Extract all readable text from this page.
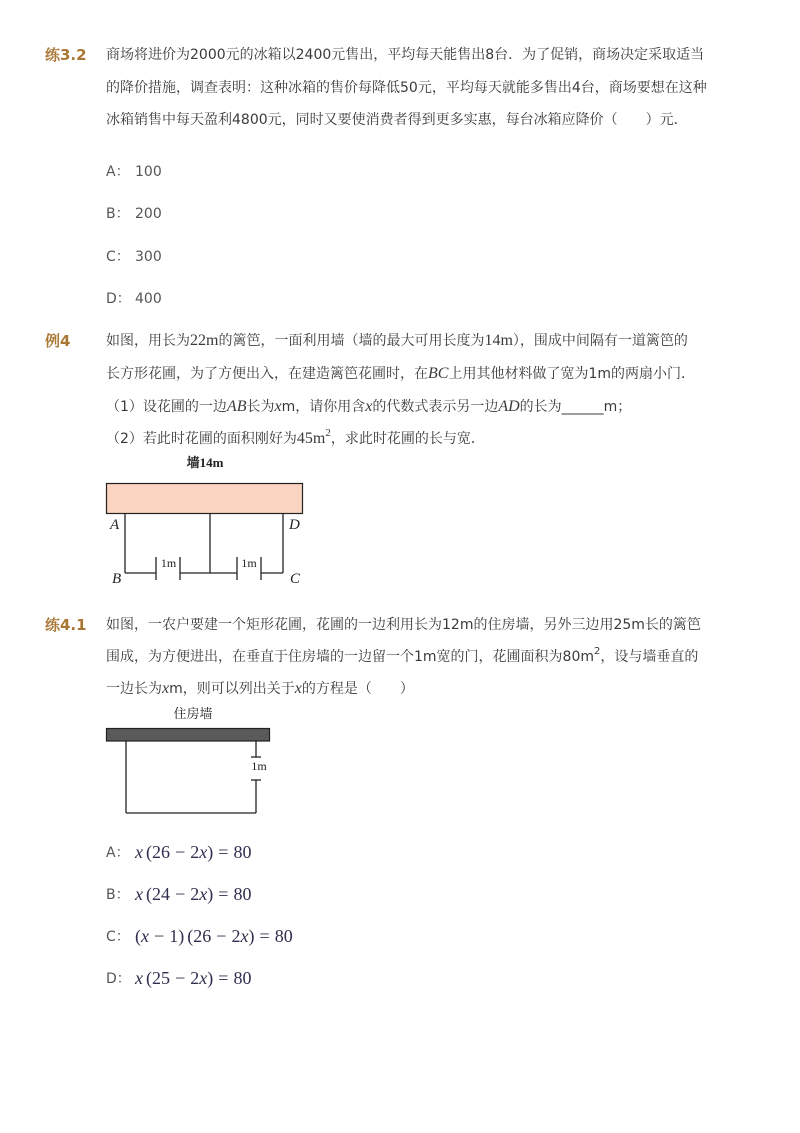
练3.2 商场将进价为2000元的冰箱以2400元售出，平均每天能售出8台．为了促销，商场决定采取适当
的降价措施，调查表明：这种冰箱的售价每降低50元，平均每天就能多售出4台，商场要想在这种
冰箱销售中每天盈利4800元，同时又要使消费者得到更多实惠，每台冰箱应降价（　　）元．
A： 100
B： 200
C： 300
D： 400
例4	如图，用长为22m的篱笆，一面利用墙（墙的最大可用长度为14m），围成中间隔有一道篱笆的
长方形花圃，为了方便出入，在建造篱笆花圃时，在BC上用其他材料做了宽为1m的两扇小门．
（1）设花圃的一边AB长为xm，请你用含x的代数式表示另一边AD的长为______m；
（2）若此时花圃的面积刚好为$45m^2$，求此时花圃的长与宽．
墙14m
1m	1m
A	D
B	C
练4.1 如图，一农户要建一个矩形花圃，花圃的一边利用长为12m的住房墙，另外三边用25m长的篱笆
围成，为方便进出，在垂直于住房墙的一边留一个1m宽的门，花圃面积为$80m^2$，设与墙垂直的
一边长为xm，则可以列出关于x的方程是（　　）
住房墙
1m
A： x (26 − 2x) = 80
B： x (24 − 2x) = 80
C： (x − 1) (26 − 2x) = 80
D： x (25 − 2x) = 80
